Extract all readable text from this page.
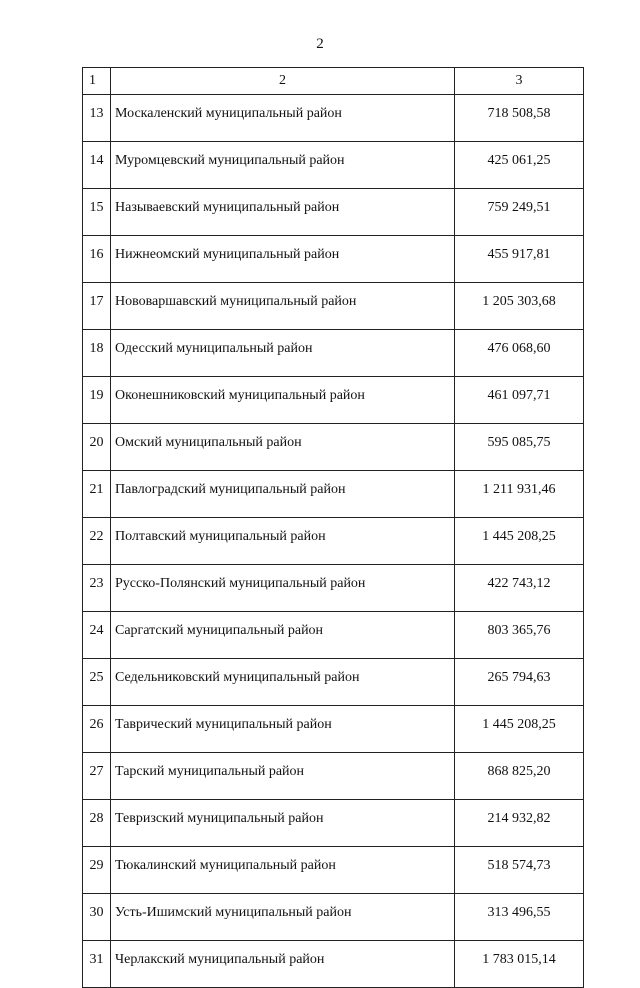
2
1	2	3
13	Москаленский муниципальный район	718 508,58
14	Муромцевский муниципальный район	425 061,25
15	Называевский муниципальный район	759 249,51
16	Нижнеомский муниципальный район	455 917,81
17	Нововаршавский муниципальный район	1 205 303,68
18	Одесский муниципальный район	476 068,60
19	Оконешниковский муниципальный район	461 097,71
20	Омский муниципальный район	595 085,75
21	Павлоградский муниципальный район	1 211 931,46
22	Полтавский муниципальный район	1 445 208,25
23	Русско-Полянский муниципальный район	422 743,12
24	Саргатский муниципальный район	803 365,76
25	Седельниковский муниципальный район	265 794,63
26	Таврический муниципальный район	1 445 208,25
27	Тарский муниципальный район	868 825,20
28	Тевризский муниципальный район	214 932,82
29	Тюкалинский муниципальный район	518 574,73
30	Усть-Ишимский муниципальный район	313 496,55
31	Черлакский муниципальный район	1 783 015,14
